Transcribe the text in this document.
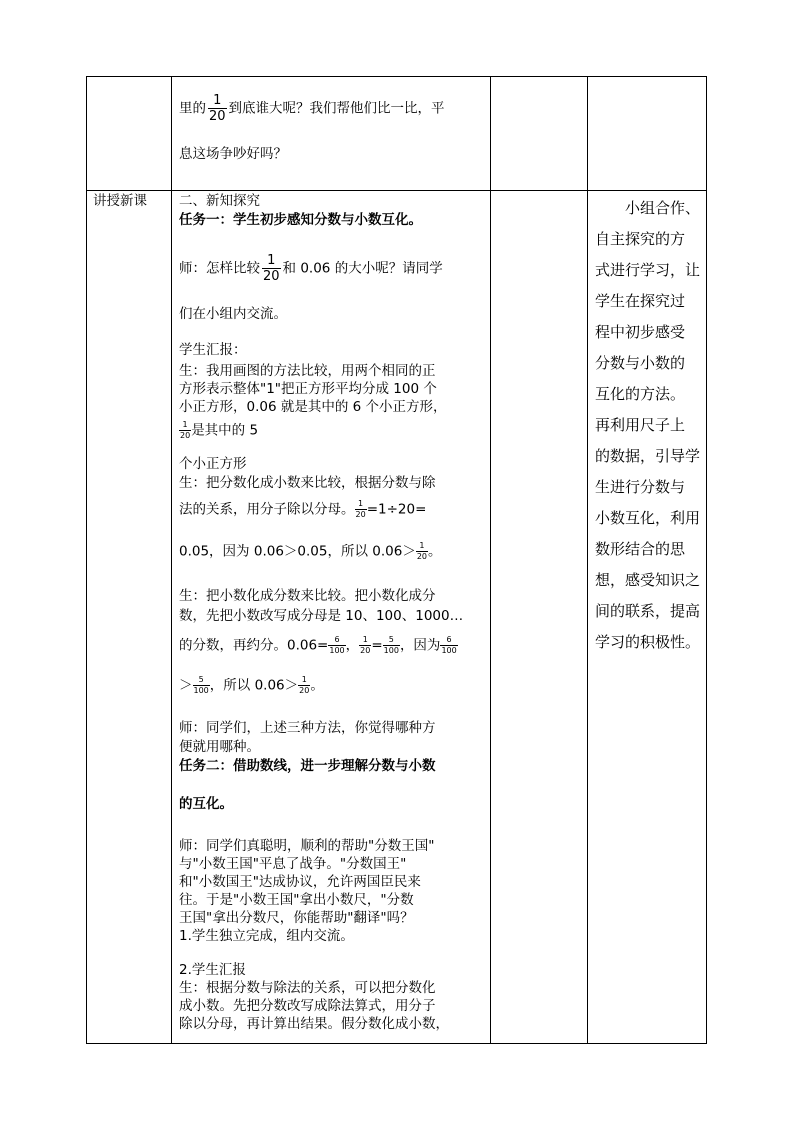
里的 $\frac{1}{20}$ 到底谁大呢？我们帮他们比一比，平
息这场争吵好吗？
讲授新课 二、新知探究
任务一：学生初步感知分数与小数互化。
师：怎样比较 $\frac{1}{20}$ 和 0.06 的大小呢？请同学
们在小组内交流。
学生汇报：
生：我用画图的方法比较，用两个相同的正
方形表示整体"1"把正方形平均分成 100 个
小正方形，0.06 就是其中的 6 个小正方形，
$\frac{1}{20}$ 是其中的 5
个小正方形
生：把分数化成小数来比较，根据分数与除
法的关系，用分子除以分母。 $\frac{1}{20} =1\div 20=$
0.05，因为 0.06＞0.05，所以 $0.06> \frac{1}{20}$ 。
生：把小数化成分数来比较。把小数化成分
数，先把小数改写成分母是 10、100、1000…
的分数，再约分。$0.06= \frac{6}{100}$ ， $\frac{1}{20} = \frac{5}{100}$ ，因为 $\frac{6}{100}$
＞ $\frac{5}{100}$ ，所以 $0.06> \frac{1}{20}$ 。
师：同学们，上述三种方法，你觉得哪种方
便就用哪种。
任务二：借助数线，进一步理解分数与小数
的互化。
师：同学们真聪明，顺利的帮助"分数王国"
与"小数王国"平息了战争。"分数国王"
和"小数国王"达成协议，允许两国臣民来
往。于是"小数王国"拿出小数尺，"分数
王国"拿出分数尺，你能帮助"翻译"吗？
1.学生独立完成，组内交流。
2.学生汇报
生：根据分数与除法的关系，可以把分数化
成小数。先把分数改写成除法算式，用分子
除以分母，再计算出结果。假分数化成小数，
小组合作、
自主探究的方
式进行学习，让
学生在探究过
程中初步感受
分数与小数的
互化的方法。
再利用尺子上
的数据，引导学
生进行分数与
小数互化，利用
数形结合的思
想，感受知识之
间的联系，提高
学习的积极性。
